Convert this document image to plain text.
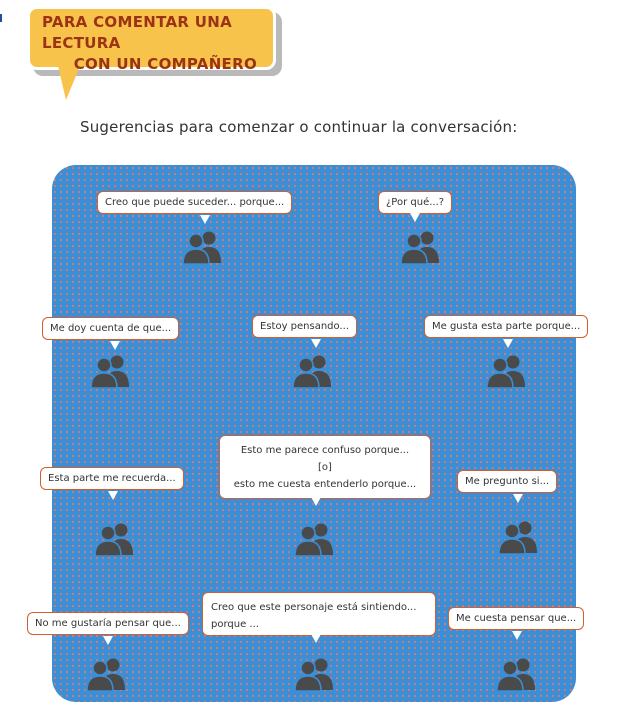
PARA COMENTAR UNA LECTURA
CON UN COMPAÑERO
Sugerencias para comenzar o continuar la conversación:
Creo que puede suceder... porque...	¿Por qué...?
Me doy cuenta de que...	Estoy pensando...	Me gusta esta parte porque...
Esto me parece confuso porque...
[o]
esto me cuesta entenderlo porque...
Esta parte me recuerda...	Me pregunto si...
No me gustaría pensar que...
Creo que este personaje está sintiendo...
porque ...
Me cuesta pensar que...
